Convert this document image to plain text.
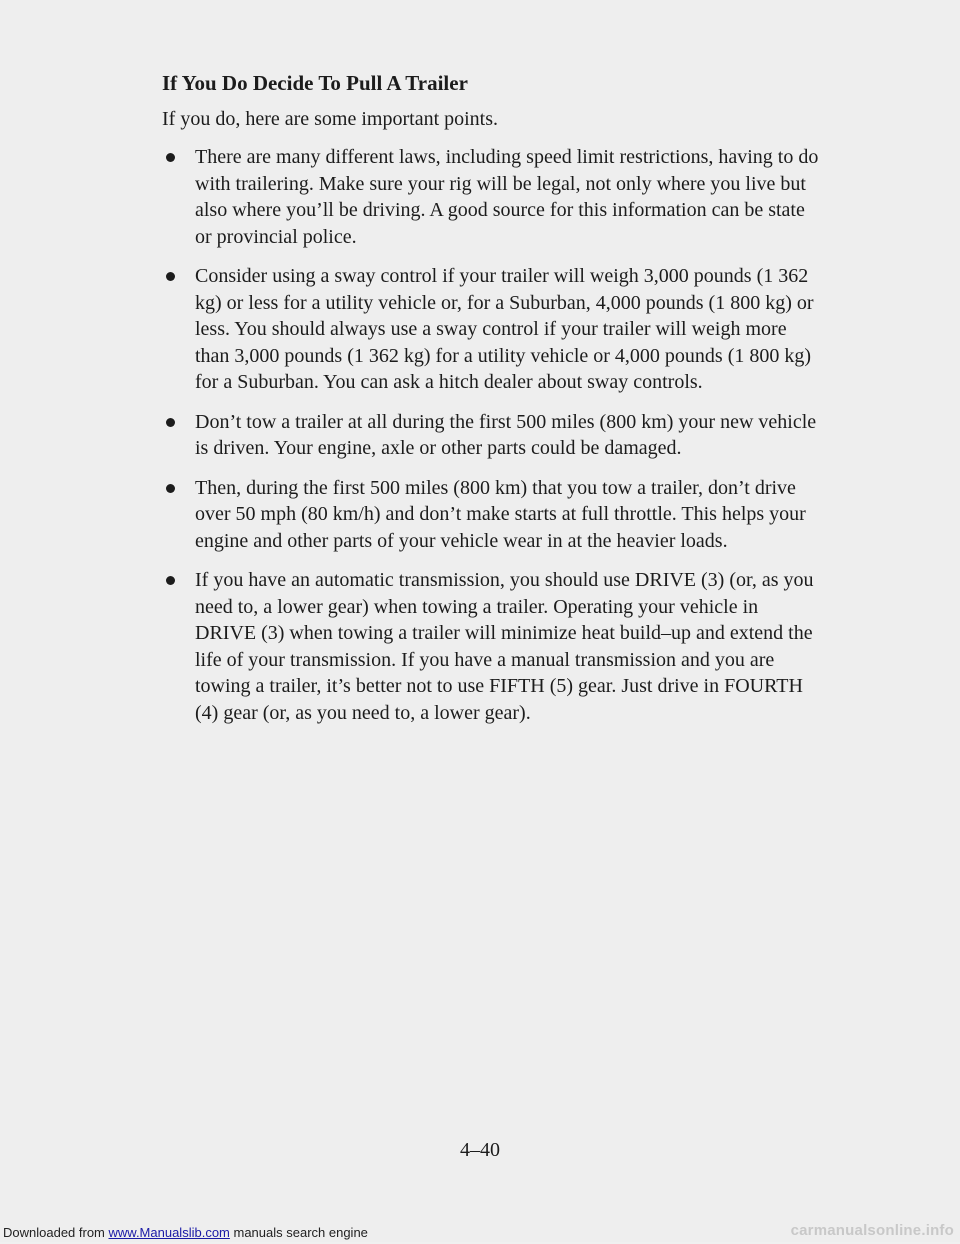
If You Do Decide To Pull A Trailer
If you do, here are some important points.
There are many different laws, including speed limit restrictions, having to do with trailering. Make sure your rig will be legal, not only where you live but also where you’ll be driving. A good source for this information can be state or provincial police.
Consider using a sway control if your trailer will weigh 3,000 pounds (1 362 kg) or less for a utility vehicle or, for a Suburban, 4,000 pounds (1 800 kg) or less. You should always use a sway control if your trailer will weigh more than 3,000 pounds (1 362 kg) for a utility vehicle or 4,000 pounds (1 800 kg) for a Suburban. You can ask a hitch dealer about sway controls.
Don’t tow a trailer at all during the first 500 miles (800 km) your new vehicle is driven. Your engine, axle or other parts could be damaged.
Then, during the first 500 miles (800 km) that you tow a trailer, don’t drive over 50 mph (80 km/h) and don’t make starts at full throttle. This helps your engine and other parts of your vehicle wear in at the heavier loads.
If you have an automatic transmission, you should use DRIVE (3) (or, as you need to, a lower gear) when towing a trailer. Operating your vehicle in DRIVE (3) when towing a trailer will minimize heat build–up and extend the life of your transmission. If you have a manual transmission and you are towing a trailer, it’s better not to use FIFTH (5) gear. Just drive in FOURTH (4) gear (or, as you need to, a lower gear).
4–40
Downloaded from www.Manualslib.com manuals search engine	carmanualsonline.info
